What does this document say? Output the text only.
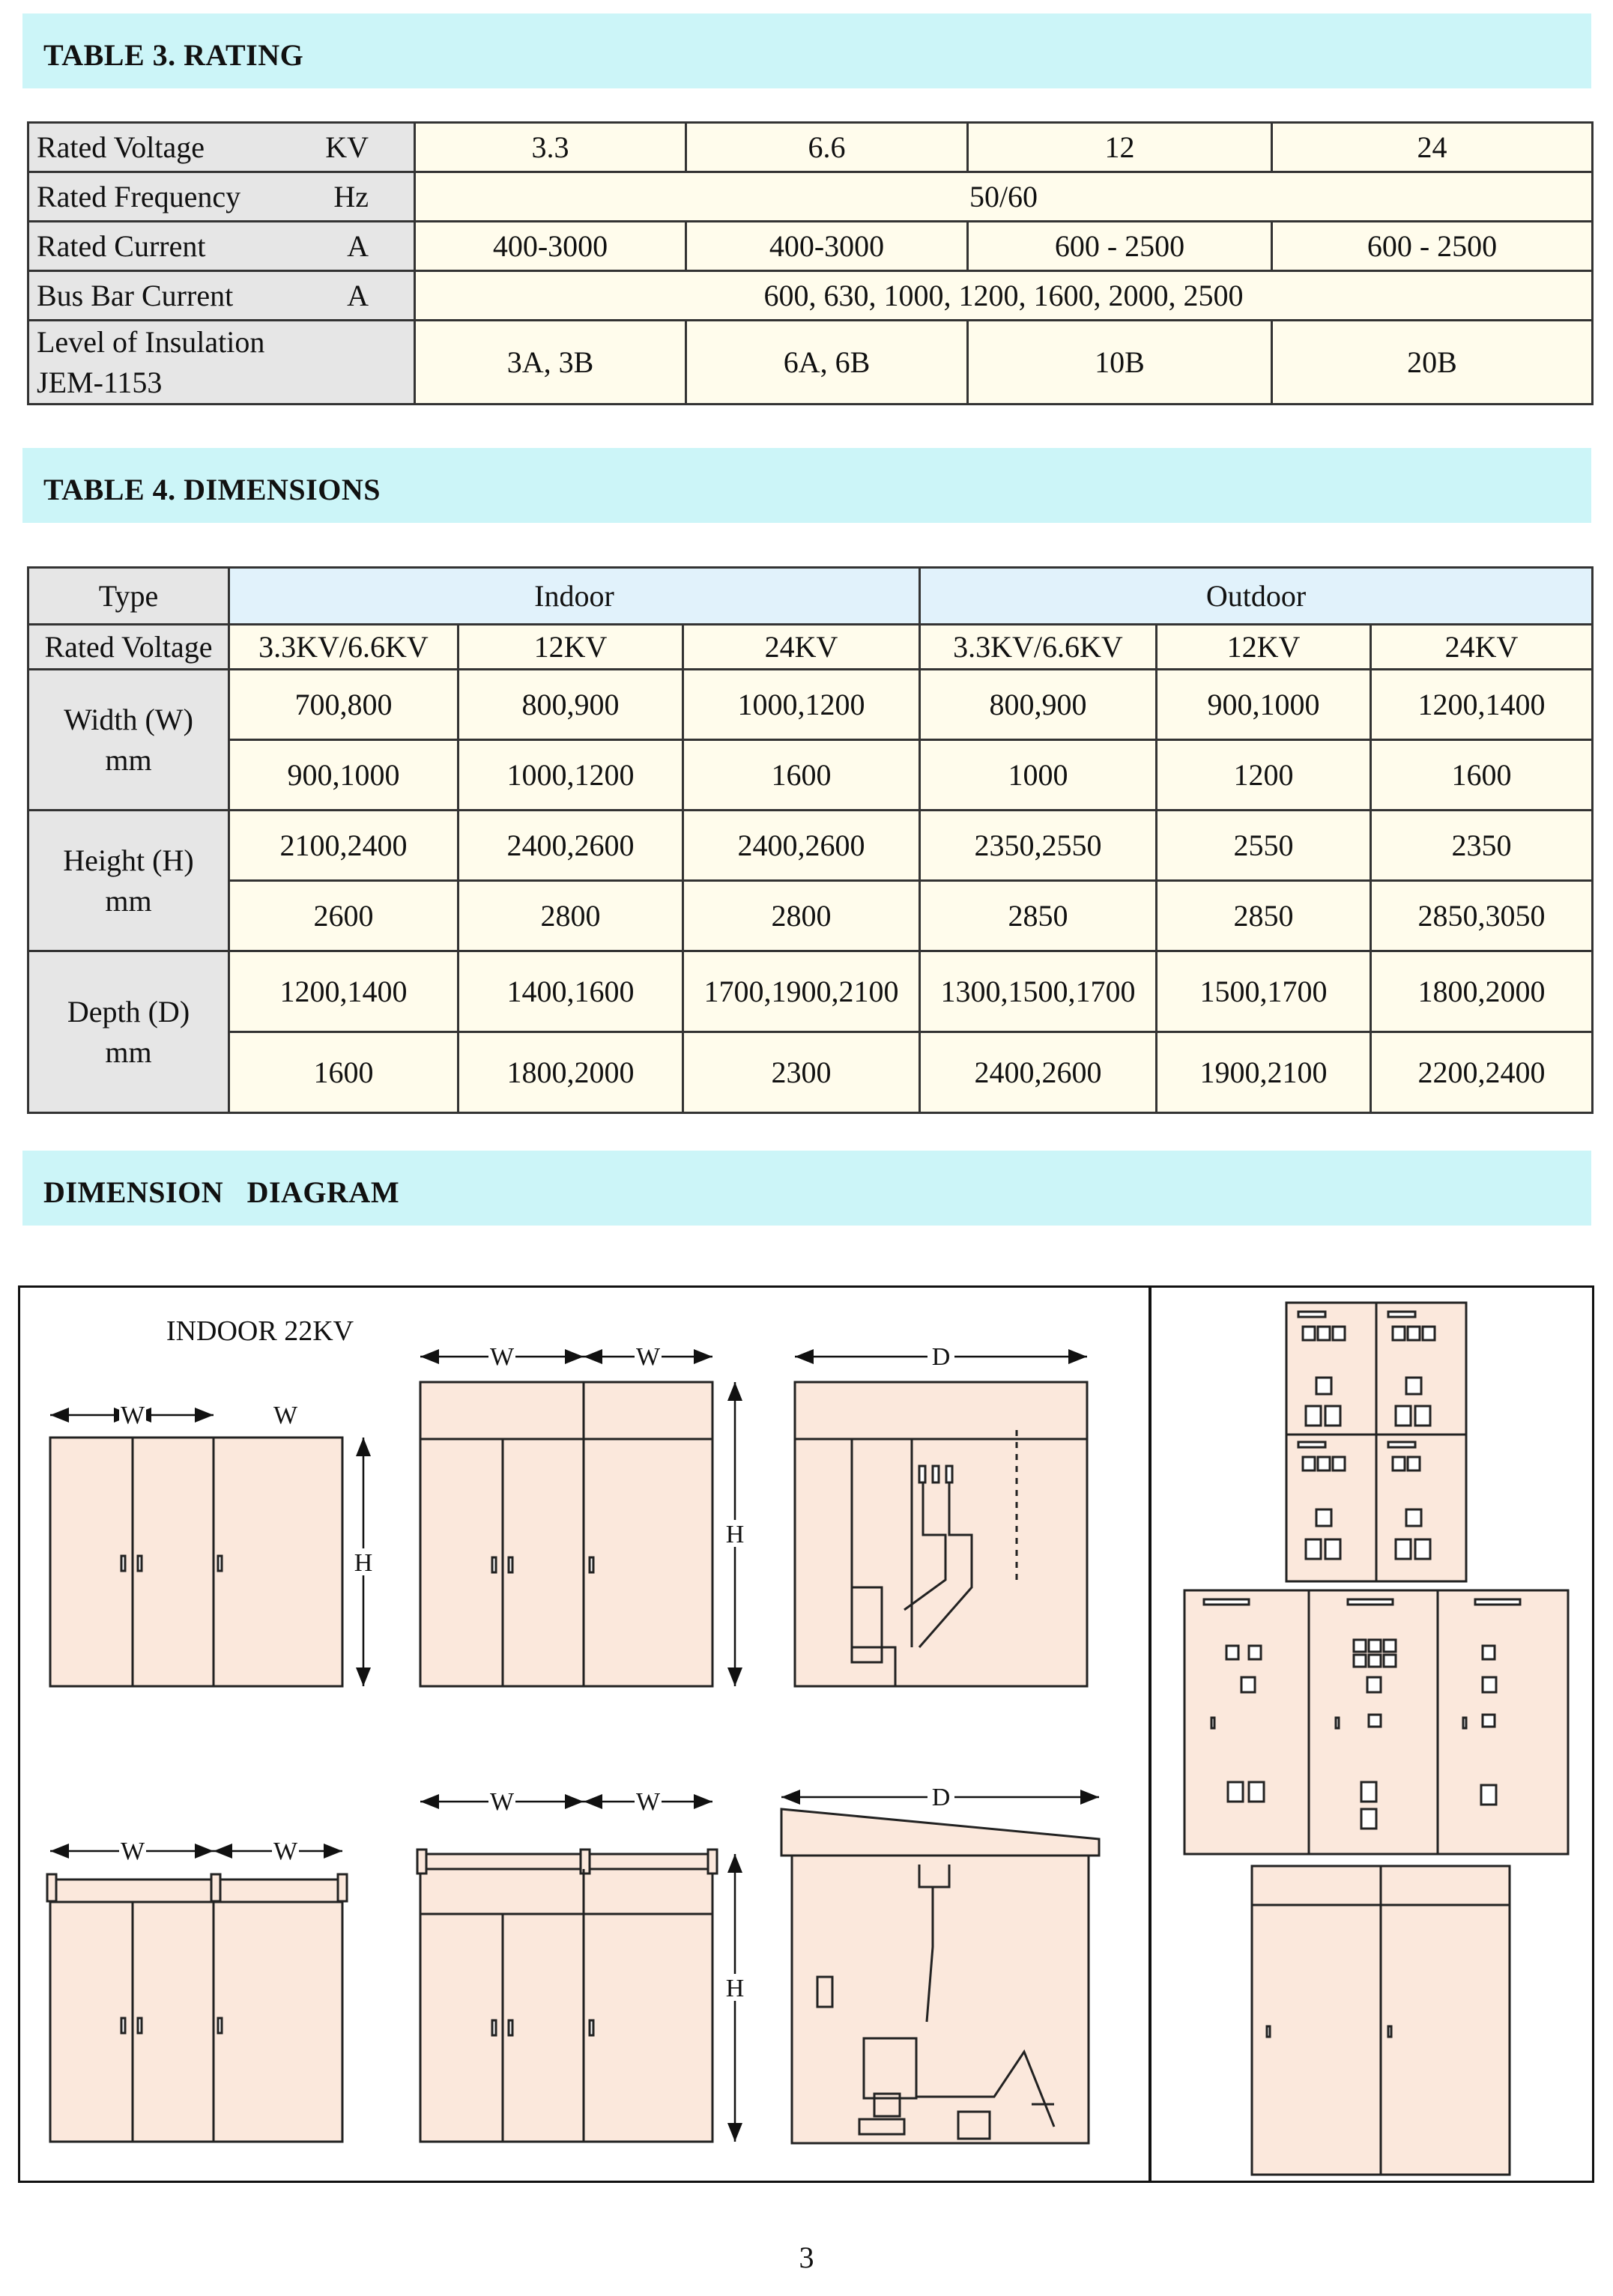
TABLE 3. RATING
Rated Voltage KV	3.3	6.6	12	24

Rated Frequency Hz	50/60			

Rated Current A	400-3000	400-3000	600 - 2500	600 - 2500

Bus Bar Current A	600, 630, 1000, 1200, 1600, 2000, 2500			

Level of Insulation
JEM-1153	3A, 3B	6A, 6B	10B	20B
TABLE 4. DIMENSIONS
Type	Indoor			Outdoor		
Rated Voltage	3.3KV/6.6KV	12KV	24KV	3.3KV/6.6KV	12KV	24KV

Width (W)
mm	700,800	800,900	1000,1200	800,900	900,1000	1200,1400
	900,1000	1000,1200	1600	1000	1200	1600

Height (H)
mm	2100,2400	2400,2600	2400,2600	2350,2550	2550	2350
	2600	2800	2800	2850	2850	2850,3050

Depth (D)
mm	1200,1400	1400,1600	1700,1900,2100	1300,1500,1700	1500,1700	1800,2000
	1600	1800,2000	2300	2400,2600	1900,2100	2200,2400
DIMENSION   DIAGRAM
INDOOR 22KV
W	W
H
W	W
H
D
W	W
W	W
H
D
3
